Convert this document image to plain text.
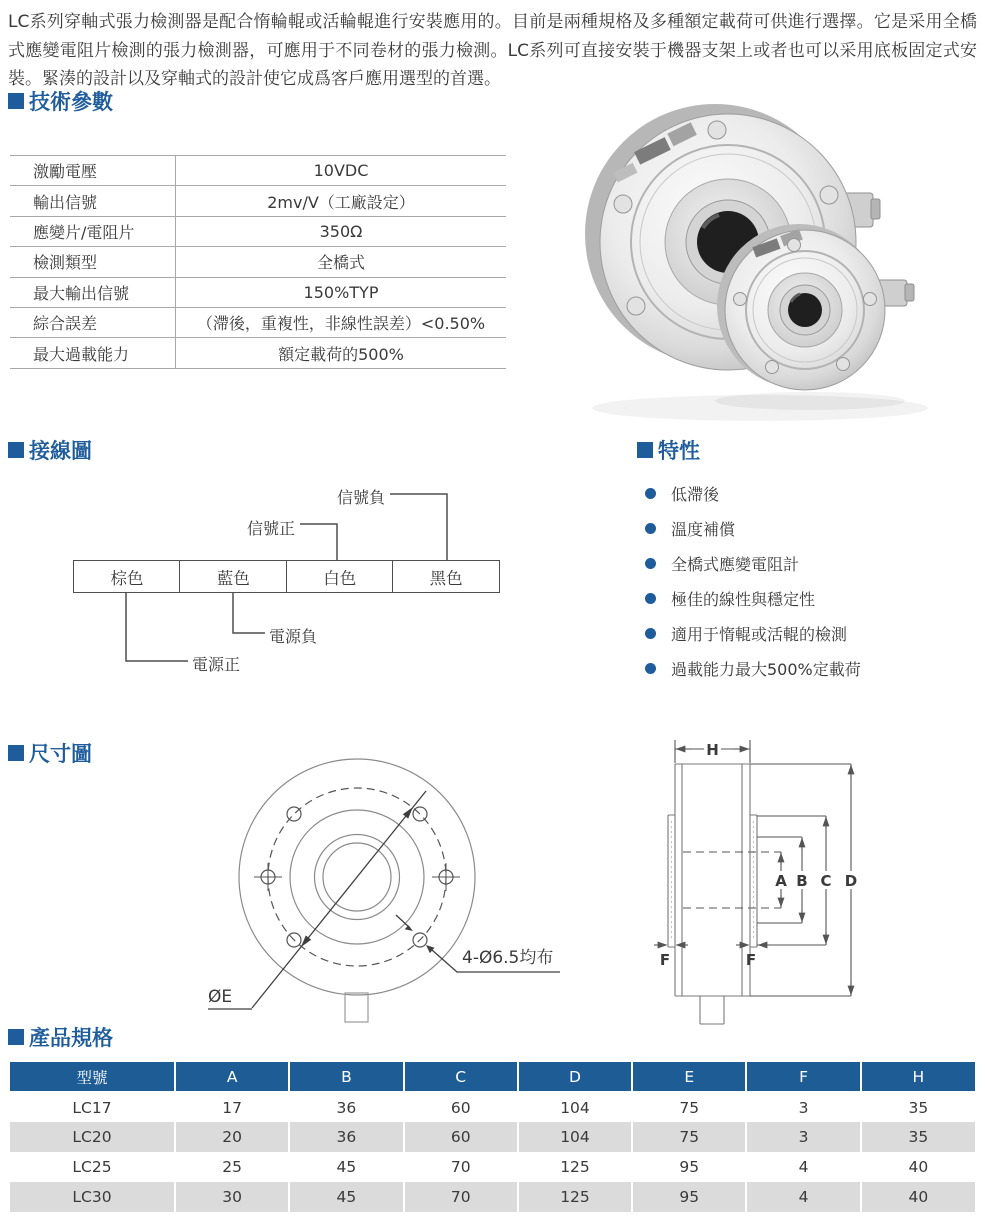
LC系列穿軸式張力檢測器是配合惰輪輥或活輪輥進行安裝應用的。目前是兩種規格及多種額定載荷可供進行選擇。它是采用全橋式應變電阻片檢測的張力檢測器，可應用于不同卷材的張力檢測。LC系列可直接安裝于機器支架上或者也可以采用底板固定式安裝。緊湊的設計以及穿軸式的設計使它成爲客戶應用選型的首選。

技術參數
激勵電壓	10VDC
輸出信號	2mv/V（工廠設定）
應變片/電阻片	350Ω
檢測類型	全橋式
最大輸出信號	150%TYP
綜合誤差	（滯後，重複性，非線性誤差）<0.50%
最大過載能力	額定載荷的500%
接線圖
信號負
信號正
電源負
電源正
棕色	藍色	白色	黑色
特性
低滯後
溫度補償
全橋式應變電阻計
極佳的線性與穩定性
適用于惰輥或活輥的檢測
過載能力最大500%定載荷
尺寸圖
ØE
4-Ø6.5均布
H
A B C D
F	F
產品規格
型號	A	B	C	D	E	F	H
LC17	17	36	60	104	75	3	35
LC20	20	36	60	104	75	3	35
LC25	25	45	70	125	95	4	40
LC30	30	45	70	125	95	4	40
